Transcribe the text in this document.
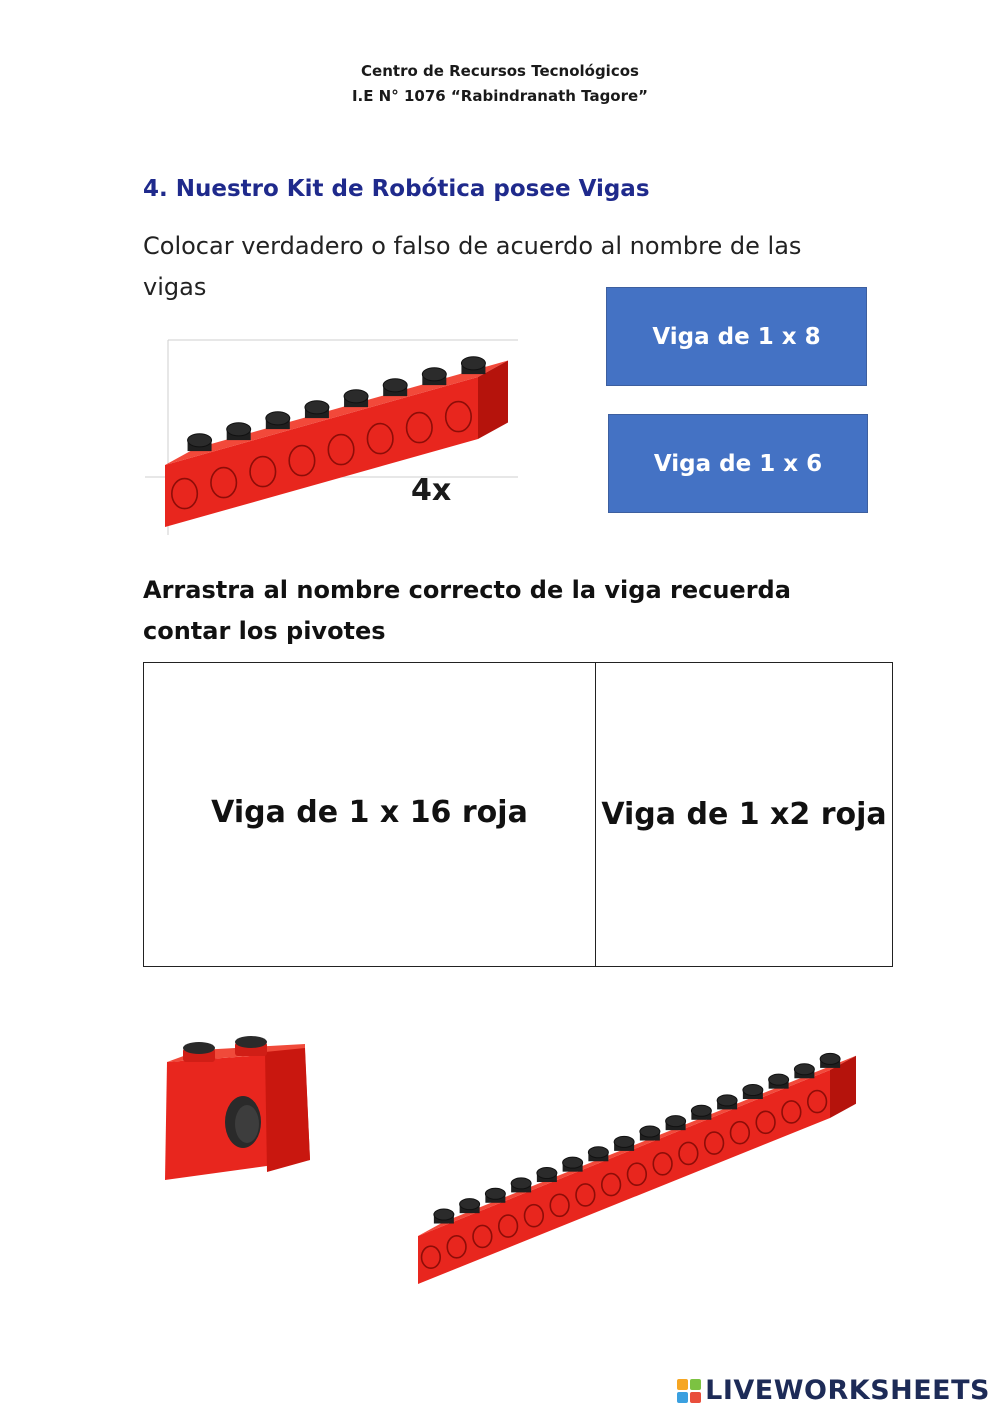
Centro de Recursos Tecnológicos
I.E N° 1076 “Rabindranath Tagore”
4. Nuestro Kit de Robótica posee Vigas
Colocar verdadero o falso de acuerdo al nombre de las vigas
4x
Viga de 1 x 8
Viga de 1 x 6
Arrastra al nombre correcto de la viga recuerda contar los pivotes
Viga de 1 x 16 roja Viga de 1 x2 roja
LIVEWORKSHEETS
